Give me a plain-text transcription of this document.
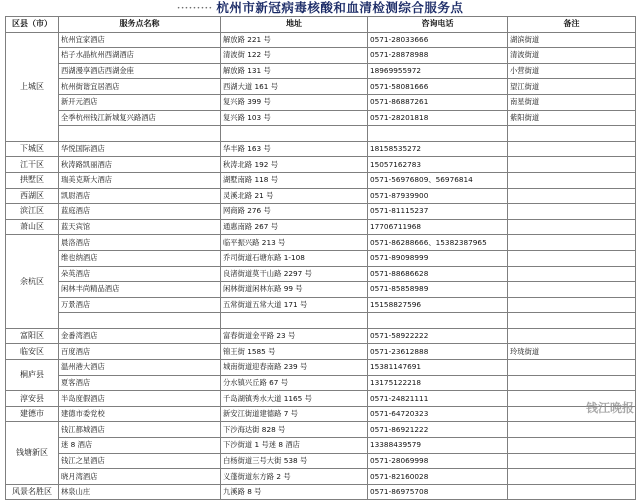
········· 杭州市新冠病毒核酸和血清检测综合服务点
区县（市）	服务点名称	地址	咨询电话	备注
上城区	杭州宜家酒店	解放路 221 号	0571-28033666	湖滨街道
	桔子水晶杭州西湖酒店	清波街 122 号	0571-28878988	清波街道
	西湖漫享酒店西湖金座	解放路 131 号	18969955972	小营街道
	杭州街谐宜居酒店	西湖大道 161 号	0571-58081666	望江街道
	新开元酒店	复兴路 399 号	0571-86887261	南星街道
	全季杭州钱江新城复兴路酒店	复兴路 103 号	0571-28201818	紫阳街道

下城区	华悦国际酒店	华丰路 163 号	18158535272	
江干区	秋涛路凯丽酒店	秋涛北路 192 号	15057162783	
拱墅区	瑞美克斯大酒店	湖墅南路 118 号	0571-56976809、56976814	
西湖区	凯尉酒店	灵溪北路 21 号	0571-87939900	
滨江区	蓝庭酒店	网商路 276 号	0571-81115237	
萧山区	蓝天宾馆	通惠南路 267 号	17706711968	
余杭区	晨洛酒店	临平振兴路 213 号	0571-86288666、15382387965	
	维也纳酒店	乔司街道石塘东路 1-108	0571-89098999	
	朵英酒店	良渚街道莫干山路 2297 号	0571-88686628	
	闲林丰尚精品酒店	闲林街道闲林东路 99 号	0571-85858989	
	万景酒店	五常街道五常大道 171 号	15158827596	

富阳区	金番湾酒店	富春街道金平路 23 号	0571-58922222	
临安区	百度酒店	锦王街 1585 号	0571-23612888	玲珑街道
桐庐县	温州港大酒店	城南街道迎春南路 239 号	15381147691	
	夏客酒店	分水镇兴丘路 67 号	13175122218	
淳安县	半岛度假酒店	千岛湖镇秀水大道 1165 号	0571-24821111	
建德市	建德市委党校	新安江街道建德路 7 号	0571-64720323	
钱塘新区	钱江都城酒店	下沙海达街 828 号	0571-86921222	
	迷 8 酒店	下沙街道 1 号迷 8 酒店	13388439579	
	钱江之星酒店	白杨街道三号大街 538 号	0571-28069998	
	晓月湾酒店	义蓬街道东方路 2 号	0571-82160028	
风景名胜区	林泉山庄	九溪路 8 号	0571-86975708	
钱江晚报
